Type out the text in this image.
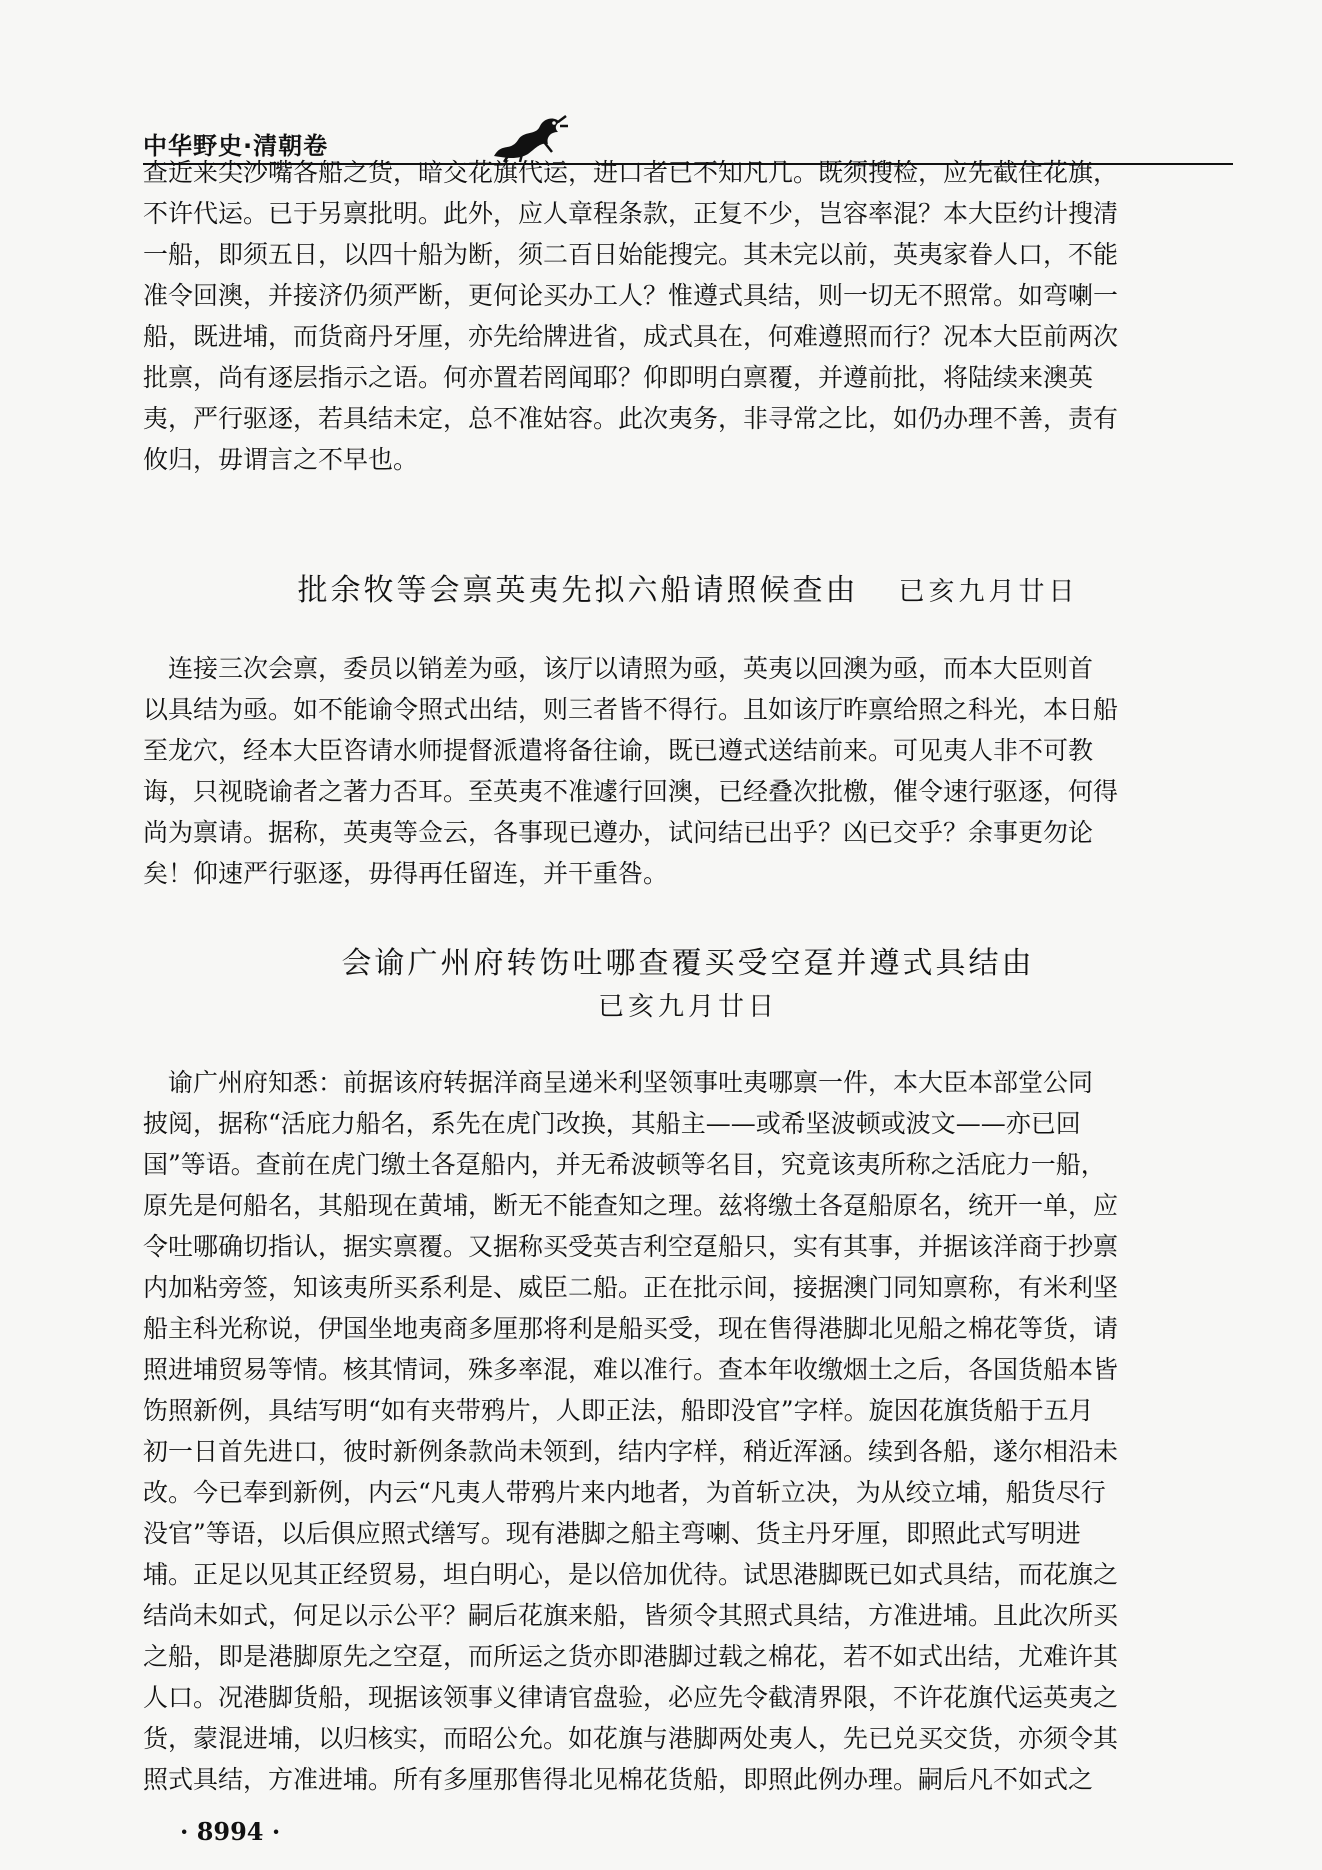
中华野史·清朝卷
查近来尖沙嘴各船之货，暗交花旗代运，进口者已不知凡几。既须搜检，应先截住花旗，
不许代运。已于另禀批明。此外，应人章程条款，正复不少，岂容率混？本大臣约计搜清
一船，即须五日，以四十船为断，须二百日始能搜完。其未完以前，英夷家眷人口，不能
准令回澳，并接济仍须严断，更何论买办工人？惟遵式具结，则一切无不照常。如弯喇一
船，既进埔，而货商丹牙厘，亦先给牌进省，成式具在，何难遵照而行？况本大臣前两次
批禀，尚有逐层指示之语。何亦置若罔闻耶？仰即明白禀覆，并遵前批，将陆续来澳英
夷，严行驱逐，若具结未定，总不准姑容。此次夷务，非寻常之比，如仍办理不善，责有
攸归，毋谓言之不早也。
批余牧等会禀英夷先拟六船请照候查由 已亥九月廿日
　连接三次会禀，委员以销差为亟，该厅以请照为亟，英夷以回澳为亟，而本大臣则首
以具结为亟。如不能谕令照式出结，则三者皆不得行。且如该厅昨禀给照之科光，本日船
至龙穴，经本大臣咨请水师提督派遣将备往谕，既已遵式送结前来。可见夷人非不可教
诲，只视晓谕者之著力否耳。至英夷不准遽行回澳，已经叠次批檄，催令速行驱逐，何得
尚为禀请。据称，英夷等佥云，各事现已遵办，试问结已出乎？凶已交乎？余事更勿论
矣！仰速严行驱逐，毋得再任留连，并干重咎。
会谕广州府转饬吐哪查覆买受空趸并遵式具结由
已亥九月廿日
　谕广州府知悉：前据该府转据洋商呈递米利坚领事吐夷哪禀一件，本大臣本部堂公同
披阅，据称“活庇力船名，系先在虎门改换，其船主——或希坚波顿或波文——亦已回
国”等语。查前在虎门缴土各趸船内，并无希波顿等名目，究竟该夷所称之活庇力一船，
原先是何船名，其船现在黄埔，断无不能查知之理。兹将缴土各趸船原名，统开一单，应
令吐哪确切指认，据实禀覆。又据称买受英吉利空趸船只，实有其事，并据该洋商于抄禀
内加粘旁签，知该夷所买系利是、威臣二船。正在批示间，接据澳门同知禀称，有米利坚
船主科光称说，伊国坐地夷商多厘那将利是船买受，现在售得港脚北见船之棉花等货，请
照进埔贸易等情。核其情词，殊多率混，难以准行。查本年收缴烟土之后，各国货船本皆
饬照新例，具结写明“如有夹带鸦片，人即正法，船即没官”字样。旋因花旗货船于五月
初一日首先进口，彼时新例条款尚未领到，结内字样，稍近浑涵。续到各船，遂尔相沿未
改。今已奉到新例，内云“凡夷人带鸦片来内地者，为首斩立决，为从绞立埔，船货尽行
没官”等语，以后俱应照式缮写。现有港脚之船主弯喇、货主丹牙厘，即照此式写明进
埔。正足以见其正经贸易，坦白明心，是以倍加优待。试思港脚既已如式具结，而花旗之
结尚未如式，何足以示公平？嗣后花旗来船，皆须令其照式具结，方准进埔。且此次所买
之船，即是港脚原先之空趸，而所运之货亦即港脚过载之棉花，若不如式出结，尤难许其
人口。况港脚货船，现据该领事义律请官盘验，必应先令截清界限，不许花旗代运英夷之
货，蒙混进埔，以归核实，而昭公允。如花旗与港脚两处夷人，先已兑买交货，亦须令其
照式具结，方准进埔。所有多厘那售得北见棉花货船，即照此例办理。嗣后凡不如式之
· 8994 ·
